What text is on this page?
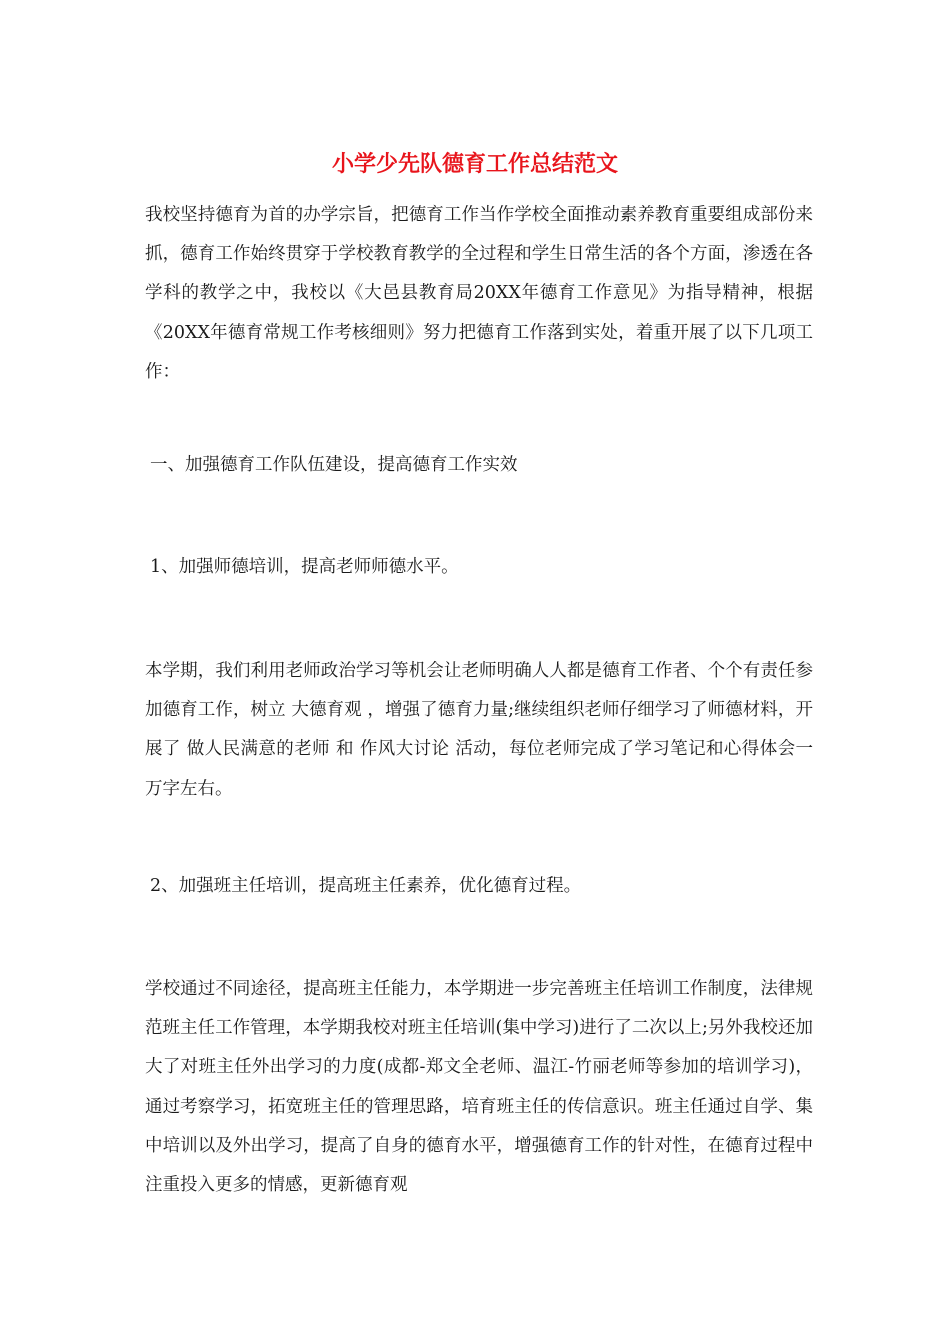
小学少先队德育工作总结范文

我校坚持德育为首的办学宗旨，把德育工作当作学校全面推动素养教育重要组成部份来抓，德育工作始终贯穿于学校教育教学的全过程和学生日常生活的各个方面，渗透在各学科的教学之中，我校以《大邑县教育局20XX年德育工作意见》为指导精神，根据《20XX年德育常规工作考核细则》努力把德育工作落到实处，着重开展了以下几项工作：

一、加强德育工作队伍建设，提高德育工作实效

1、加强师德培训，提高老师师德水平。

本学期，我们利用老师政治学习等机会让老师明确人人都是德育工作者、个个有责任参加德育工作，树立 大德育观 ，增强了德育力量;继续组织老师仔细学习了师德材料，开展了 做人民满意的老师 和 作风大讨论 活动，每位老师完成了学习笔记和心得体会一万字左右。

2、加强班主任培训，提高班主任素养，优化德育过程。

学校通过不同途径，提高班主任能力，本学期进一步完善班主任培训工作制度，法律规范班主任工作管理，本学期我校对班主任培训(集中学习)进行了二次以上;另外我校还加大了对班主任外出学习的力度(成都-郑文全老师、温江-竹丽老师等参加的培训学习)，通过考察学习，拓宽班主任的管理思路，培育班主任的传信意识。班主任通过自学、集中培训以及外出学习，提高了自身的德育水平，增强德育工作的针对性，在德育过程中注重投入更多的情感，更新德育观
